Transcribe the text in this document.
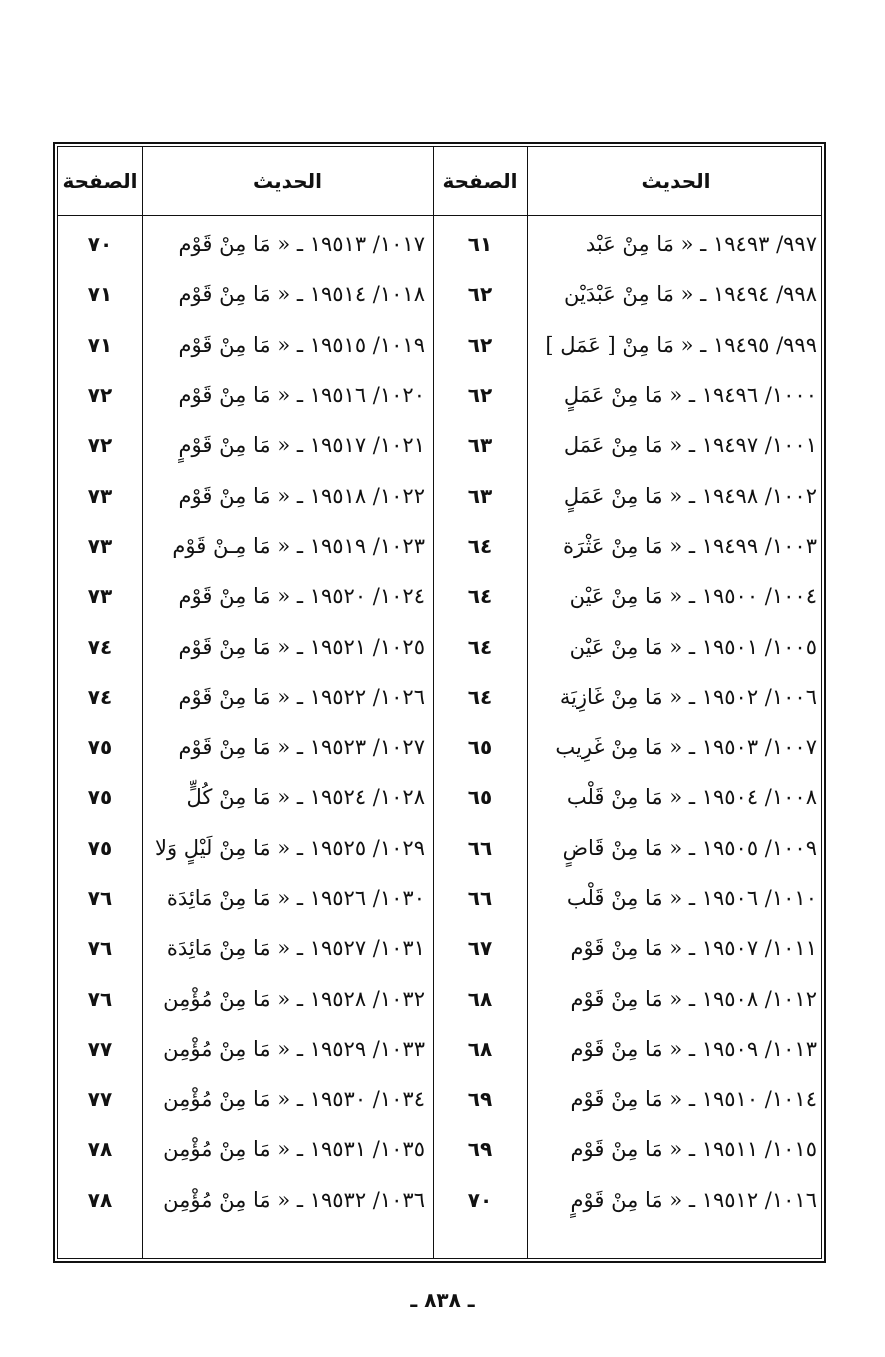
الحديث
الصفحة
الحديث
الصفحة
٩٩٧/ ١٩٤٩٣ ـ « مَا مِنْ عَبْد
٩٩٨/ ١٩٤٩٤ ـ « مَا مِنْ عَبْدَيْن
٩٩٩/ ١٩٤٩٥ ـ « مَا مِنْ [ عَمَل ]
١٠٠٠/ ١٩٤٩٦ ـ « مَا مِنْ عَمَلٍ
١٠٠١/ ١٩٤٩٧ ـ « مَا مِنْ عَمَل
١٠٠٢/ ١٩٤٩٨ ـ « مَا مِنْ عَمَلٍ
١٠٠٣/ ١٩٤٩٩ ـ « مَا مِنْ عَثْرَة
١٠٠٤/ ١٩٥٠٠ ـ « مَا مِنْ عَيْن
١٠٠٥/ ١٩٥٠١ ـ « مَا مِنْ عَيْن
١٠٠٦/ ١٩٥٠٢ ـ « مَا مِنْ غَازِيَة
١٠٠٧/ ١٩٥٠٣ ـ « مَا مِنْ غَرِيب
١٠٠٨/ ١٩٥٠٤ ـ « مَا مِنْ قَلْب
١٠٠٩/ ١٩٥٠٥ ـ « مَا مِنْ قَاضٍ
١٠١٠/ ١٩٥٠٦ ـ « مَا مِنْ قَلْب
١٠١١/ ١٩٥٠٧ ـ « مَا مِنْ قَوْم
١٠١٢/ ١٩٥٠٨ ـ « مَا مِنْ قَوْم
١٠١٣/ ١٩٥٠٩ ـ « مَا مِنْ قَوْم
١٠١٤/ ١٩٥١٠ ـ « مَا مِنْ قَوْم
١٠١٥/ ١٩٥١١ ـ « مَا مِنْ قَوْم
١٠١٦/ ١٩٥١٢ ـ « مَا مِنْ قَوْمٍ
٦١
٦٢
٦٢
٦٢
٦٣
٦٣
٦٤
٦٤
٦٤
٦٤
٦٥
٦٥
٦٦
٦٦
٦٧
٦٨
٦٨
٦٩
٦٩
٧٠
١٠١٧/ ١٩٥١٣ ـ « مَا مِنْ قَوْم
١٠١٨/ ١٩٥١٤ ـ « مَا مِنْ قَوْم
١٠١٩/ ١٩٥١٥ ـ « مَا مِنْ قَوْم
١٠٢٠/ ١٩٥١٦ ـ « مَا مِنْ قَوْم
١٠٢١/ ١٩٥١٧ ـ « مَا مِنْ قَوْمٍ
١٠٢٢/ ١٩٥١٨ ـ « مَا مِنْ قَوْم
١٠٢٣/ ١٩٥١٩ ـ « مَا مِـنْ قَوْم
١٠٢٤/ ١٩٥٢٠ ـ « مَا مِنْ قَوْم
١٠٢٥/ ١٩٥٢١ ـ « مَا مِنْ قَوْم
١٠٢٦/ ١٩٥٢٢ ـ « مَا مِنْ قَوْم
١٠٢٧/ ١٩٥٢٣ ـ « مَا مِنْ قَوْم
١٠٢٨/ ١٩٥٢٤ ـ « مَا مِنْ كُلٍّ
١٠٢٩/ ١٩٥٢٥ ـ « مَا مِنْ لَيْلٍ وَلا
١٠٣٠/ ١٩٥٢٦ ـ « مَا مِنْ مَائِدَة
١٠٣١/ ١٩٥٢٧ ـ « مَا مِنْ مَائِدَة
١٠٣٢/ ١٩٥٢٨ ـ « مَا مِنْ مُؤْمِن
١٠٣٣/ ١٩٥٢٩ ـ « مَا مِنْ مُؤْمِن
١٠٣٤/ ١٩٥٣٠ ـ « مَا مِنْ مُؤْمِن
١٠٣٥/ ١٩٥٣١ ـ « مَا مِنْ مُؤْمِن
١٠٣٦/ ١٩٥٣٢ ـ « مَا مِنْ مُؤْمِن
٧٠
٧١
٧١
٧٢
٧٢
٧٣
٧٣
٧٣
٧٤
٧٤
٧٥
٧٥
٧٥
٧٦
٧٦
٧٦
٧٧
٧٧
٧٨
٧٨
ـ ٨٣٨ ـ
